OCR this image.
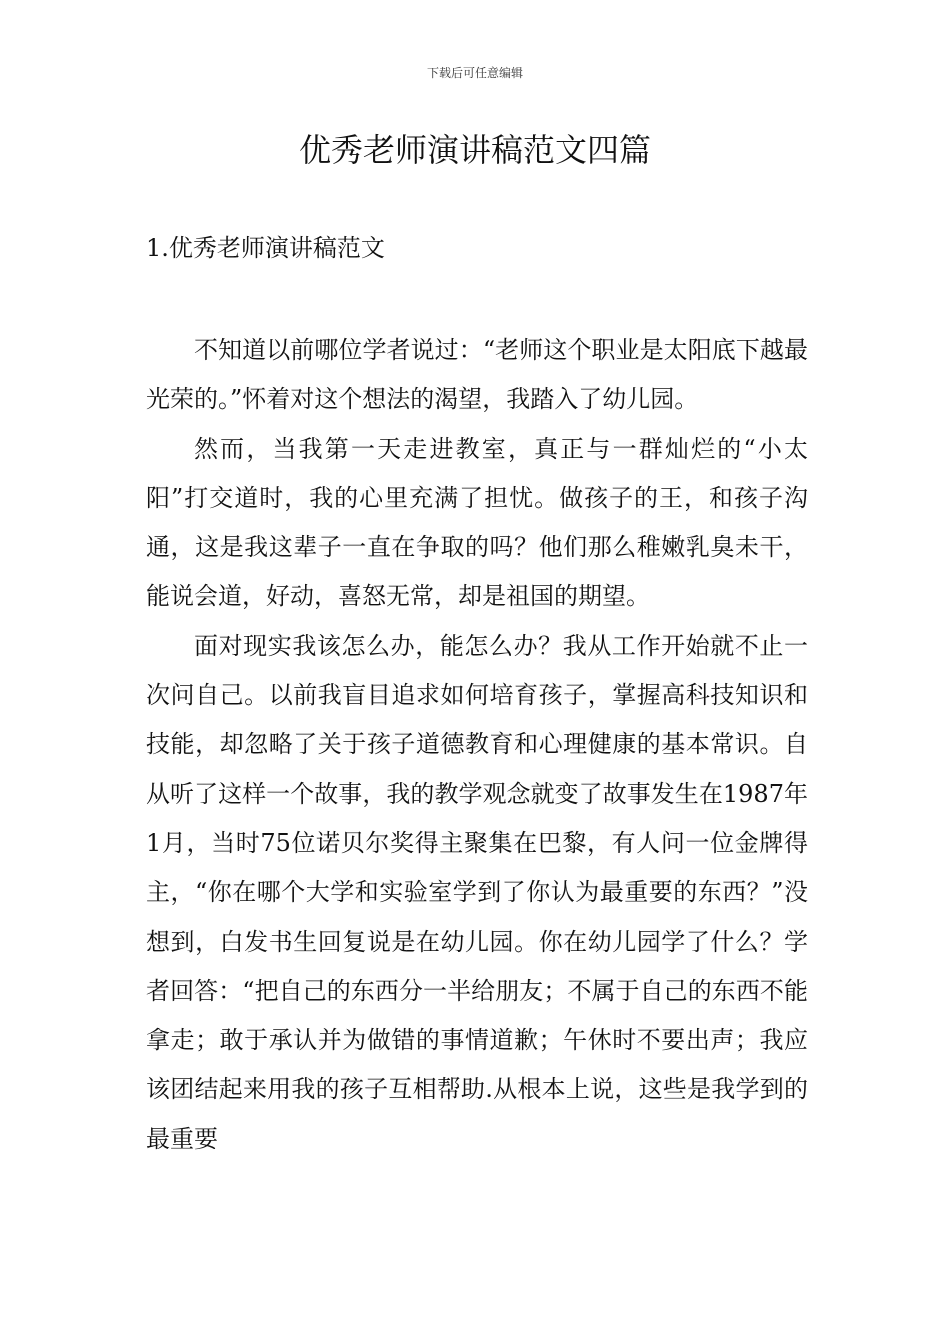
下载后可任意编辑
优秀老师演讲稿范文四篇
1.优秀老师演讲稿范文

不知道以前哪位学者说过：“老师这个职业是太阳底下越最光荣的。”怀着对这个想法的渴望，我踏入了幼儿园。

然而，当我第一天走进教室，真正与一群灿烂的“小太阳”打交道时，我的心里充满了担忧。做孩子的王，和孩子沟通，这是我这辈子一直在争取的吗？他们那么稚嫩乳臭未干，能说会道，好动，喜怒无常，却是祖国的期望。

面对现实我该怎么办，能怎么办？我从工作开始就不止一次问自己。以前我盲目追求如何培育孩子，掌握高科技知识和技能，却忽略了关于孩子道德教育和心理健康的基本常识。自从听了这样一个故事，我的教学观念就变了故事发生在1987年1月，当时75位诺贝尔奖得主聚集在巴黎，有人问一位金牌得主，“你在哪个大学和实验室学到了你认为最重要的东西？”没想到，白发书生回复说是在幼儿园。你在幼儿园学了什么？学者回答：“把自己的东西分一半给朋友；不属于自己的东西不能拿走；敢于承认并为做错的事情道歉；午休时不要出声；我应该团结起来用我的孩子互相帮助.从根本上说，这些是我学到的最重要
